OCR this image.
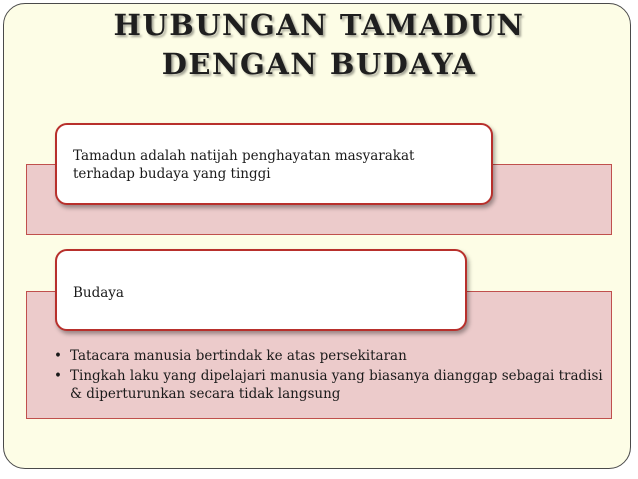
HUBUNGAN TAMADUN
DENGAN BUDAYA
Tamadun adalah natijah penghayatan masyarakat
terhadap budaya yang tinggi
Budaya
• Tatacara manusia bertindak ke atas persekitaran
• Tingkah laku yang dipelajari manusia yang biasanya dianggap sebagai tradisi & diperturunkan secara tidak langsung
